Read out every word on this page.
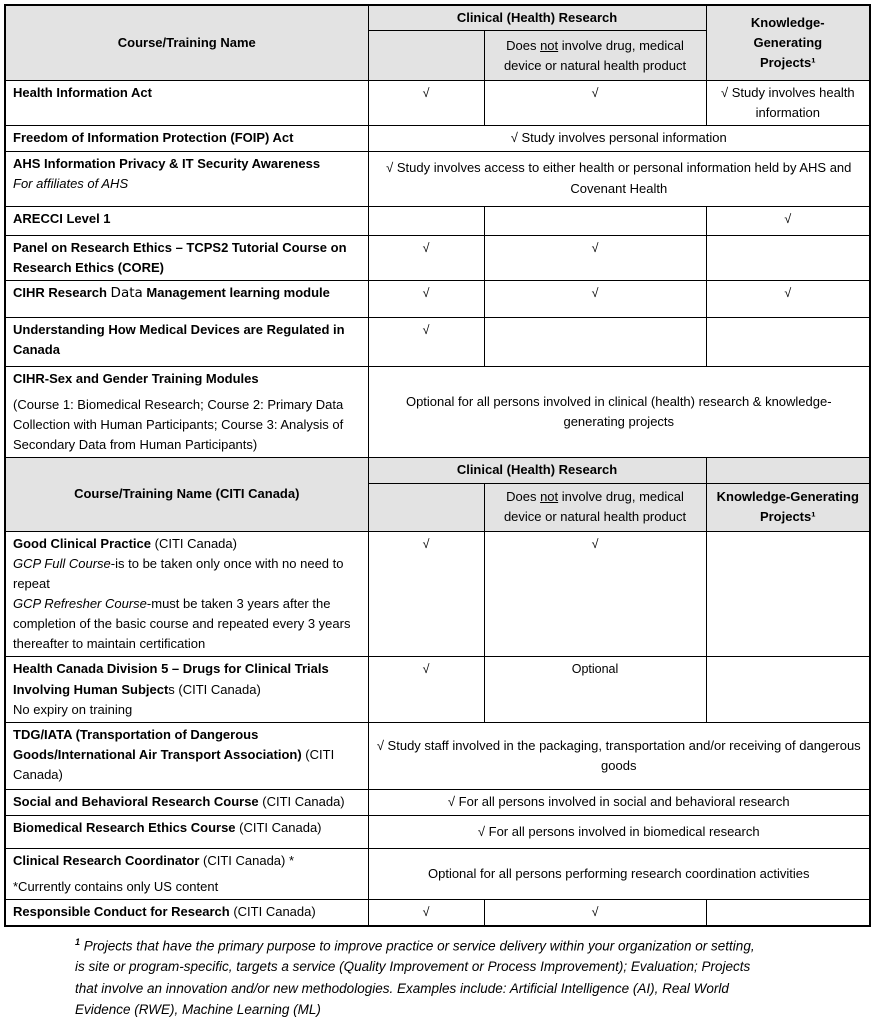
Course/Training Name	Clinical (Health) Research		Knowledge-Generating Projects¹
		Does not involve drug, medical device or natural health product	
Health Information Act	√	√	√ Study involves health information
Freedom of Information Protection (FOIP) Act	√ Study involves personal information		

AHS Information Privacy & IT Security Awareness
For affiliates of AHS	√ Study involves access to either health or personal information held by AHS and Covenant Health		
ARECCI Level 1			√
Panel on Research Ethics – TCPS2 Tutorial Course on Research Ethics (CORE)	√	√	
CIHR Research Data Management learning module	√	√	√
Understanding How Medical Devices are Regulated in Canada	√		

CIHR-Sex and Gender Training Modules
(Course 1: Biomedical Research; Course 2: Primary Data Collection with Human Participants; Course 3: Analysis of Secondary Data from Human Participants)	Optional for all persons involved in clinical (health) research & knowledge-generating projects		
Course/Training Name (CITI Canada)	Clinical (Health) Research		
		Does not involve drug, medical device or natural health product	Knowledge-Generating Projects¹

Good Clinical Practice (CITI Canada)
GCP Full Course-is to be taken only once with no need to repeat
GCP Refresher Course-must be taken 3 years after the completion of the basic course and repeated every 3 years thereafter to maintain certification	√	√	

Health Canada Division 5 – Drugs for Clinical Trials Involving Human Subjects (CITI Canada)
No expiry on training	√	Optional	

TDG/IATA (Transportation of Dangerous Goods/International Air Transport Association) (CITI Canada)	√ Study staff involved in the packaging, transportation and/or receiving of dangerous goods		
Social and Behavioral Research Course (CITI Canada)	√ For all persons involved in social and behavioral research		
Biomedical Research Ethics Course (CITI Canada)	√ For all persons involved in biomedical research		

Clinical Research Coordinator (CITI Canada) *
*Currently contains only US content	Optional for all persons performing research coordination activities		
Responsible Conduct for Research (CITI Canada)	√	√	
$^1$ Projects that have the primary purpose to improve practice or service delivery within your organization or setting, is site or program-specific, targets a service (Quality Improvement or Process Improvement); Evaluation; Projects that involve an innovation and/or new methodologies. Examples include: Artificial Intelligence (AI), Real World Evidence (RWE), Machine Learning (ML)
